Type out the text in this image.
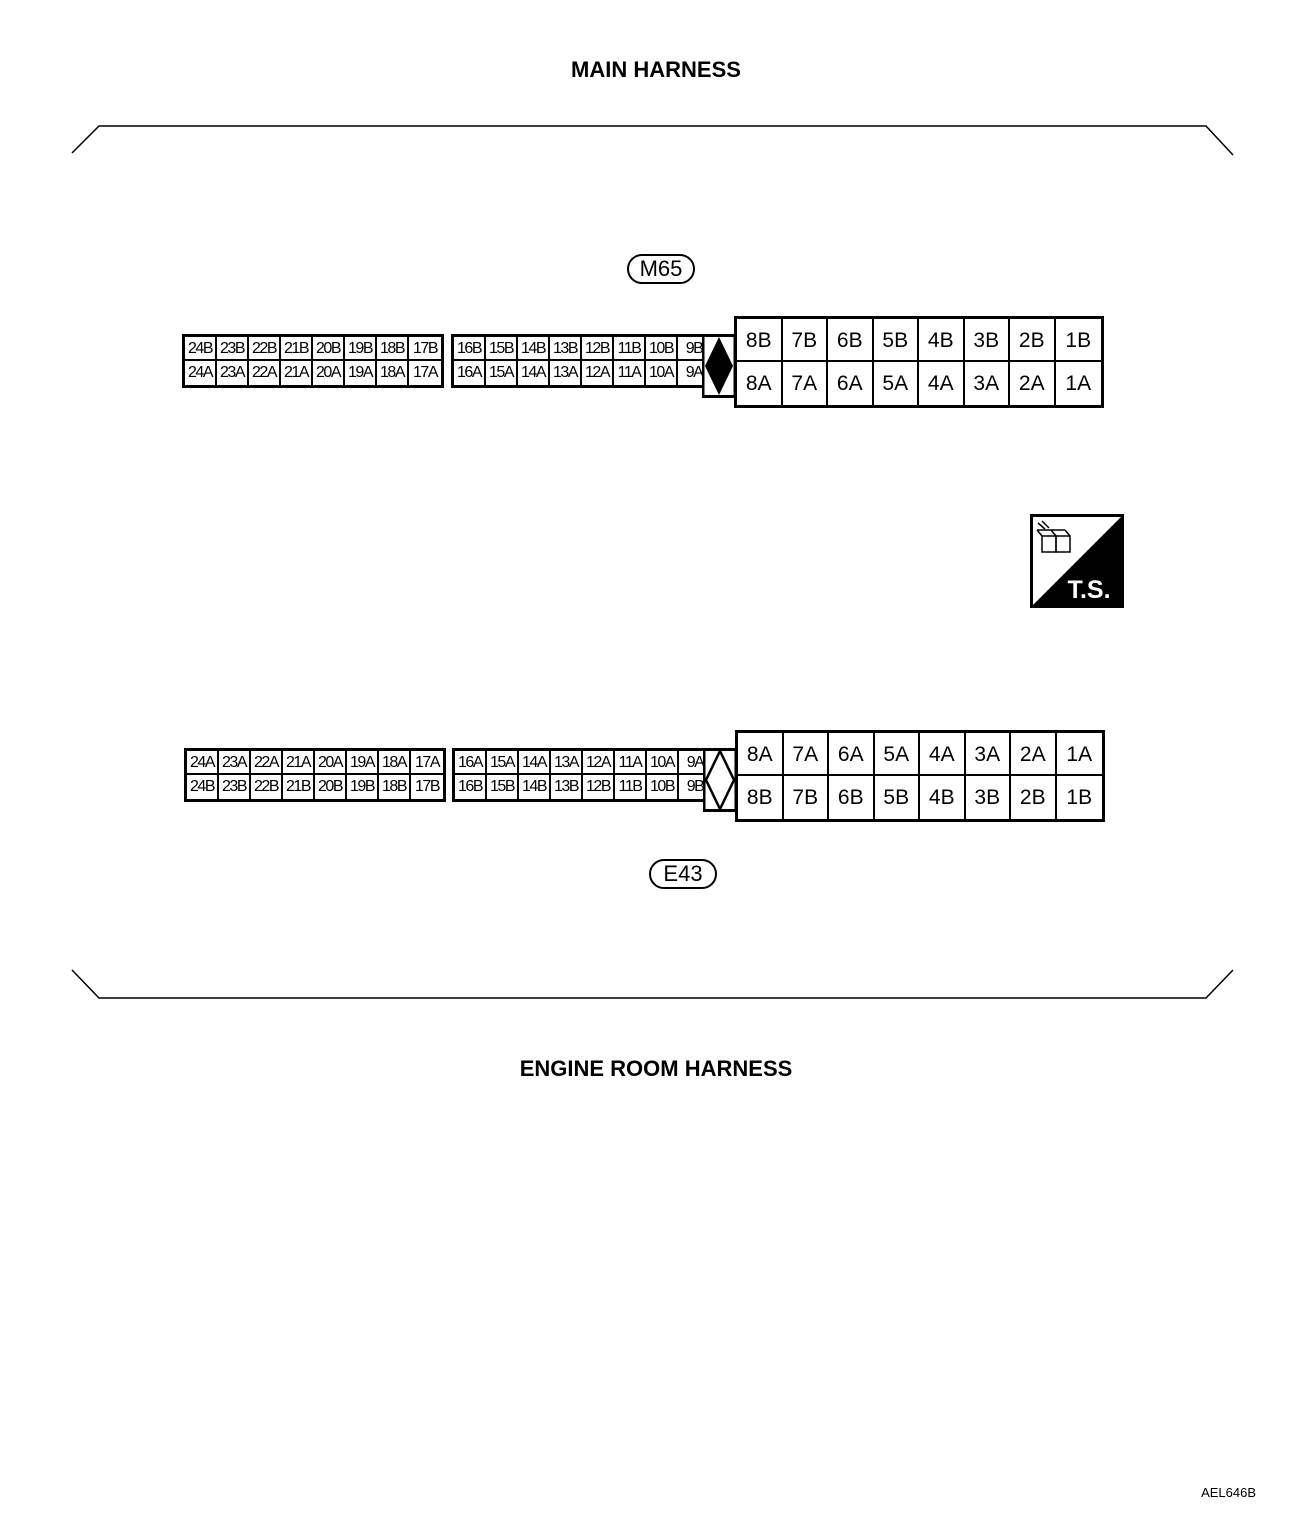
MAIN HARNESS
ENGINE ROOM HARNESS
M65
24B 23B 22B 21B 20B 19B 18B 17B
24A 23A 22A 21A 20A 19A 18A 17A
16B 15B 14B 13B 12B 11B 10B 9B
16A 15A 14A 13A 12A 11A 10A 9A
8B 7B 6B 5B 4B 3B 2B 1B
8A 7A 6A 5A 4A 3A 2A 1A
T.S.
24A 23A 22A 21A 20A 19A 18A 17A
24B 23B 22B 21B 20B 19B 18B 17B
16A 15A 14A 13A 12A 11A 10A 9A
16B 15B 14B 13B 12B 11B 10B 9B
8A 7A 6A 5A 4A 3A 2A 1A
8B 7B 6B 5B 4B 3B 2B 1B
E43
AEL646B
